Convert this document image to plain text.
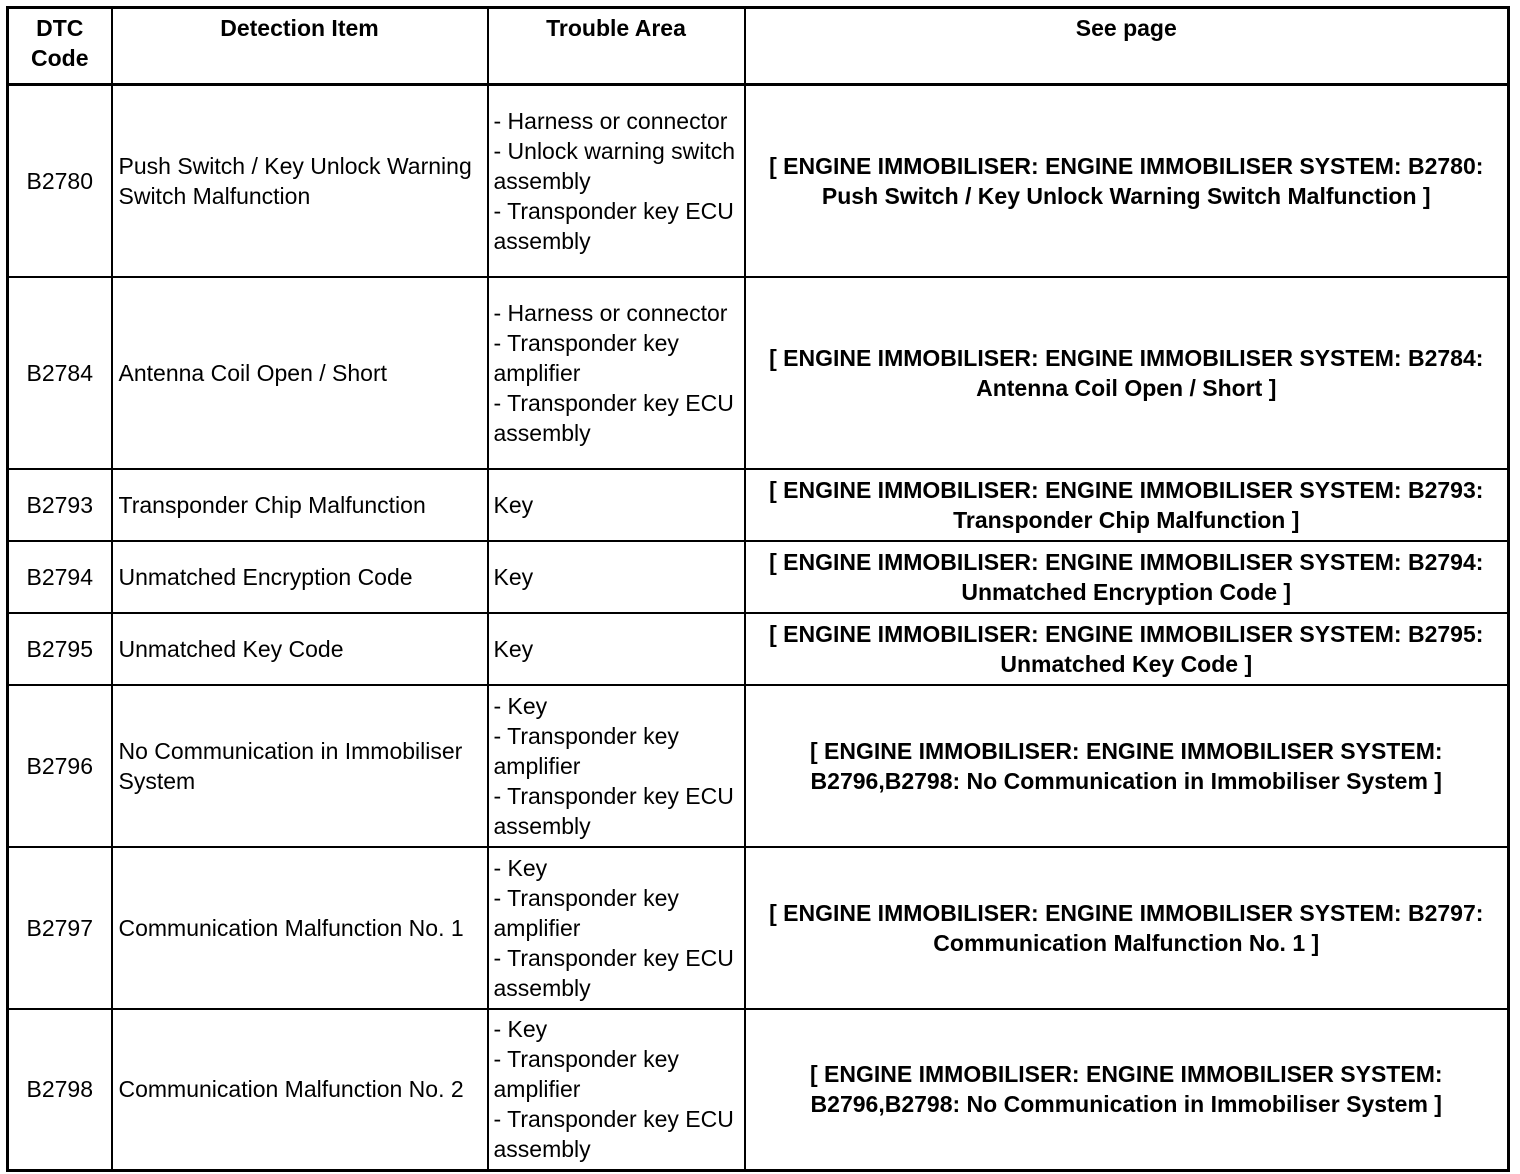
DTC
Code	Detection Item	Trouble Area	See page
B2780	Push Switch / Key Unlock Warning Switch Malfunction	- Harness or connector
- Unlock warning switch assembly
- Transponder key ECU assembly	[ ENGINE IMMOBILISER: ENGINE IMMOBILISER SYSTEM: B2780: Push Switch / Key Unlock Warning Switch Malfunction ]
B2784	Antenna Coil Open / Short	- Harness or connector
- Transponder key amplifier
- Transponder key ECU assembly	[ ENGINE IMMOBILISER: ENGINE IMMOBILISER SYSTEM: B2784: Antenna Coil Open / Short ]
B2793	Transponder Chip Malfunction	Key	[ ENGINE IMMOBILISER: ENGINE IMMOBILISER SYSTEM: B2793: Transponder Chip Malfunction ]
B2794	Unmatched Encryption Code	Key	[ ENGINE IMMOBILISER: ENGINE IMMOBILISER SYSTEM: B2794: Unmatched Encryption Code ]
B2795	Unmatched Key Code	Key	[ ENGINE IMMOBILISER: ENGINE IMMOBILISER SYSTEM: B2795: Unmatched Key Code ]
B2796	No Communication in Immobiliser System	- Key
- Transponder key amplifier
- Transponder key ECU assembly	[ ENGINE IMMOBILISER: ENGINE IMMOBILISER SYSTEM: B2796,B2798: No Communication in Immobiliser System ]
B2797	Communication Malfunction No. 1	- Key
- Transponder key amplifier
- Transponder key ECU assembly	[ ENGINE IMMOBILISER: ENGINE IMMOBILISER SYSTEM: B2797: Communication Malfunction No. 1 ]
B2798	Communication Malfunction No. 2	- Key
- Transponder key amplifier
- Transponder key ECU assembly	[ ENGINE IMMOBILISER: ENGINE IMMOBILISER SYSTEM: B2796,B2798: No Communication in Immobiliser System ]
